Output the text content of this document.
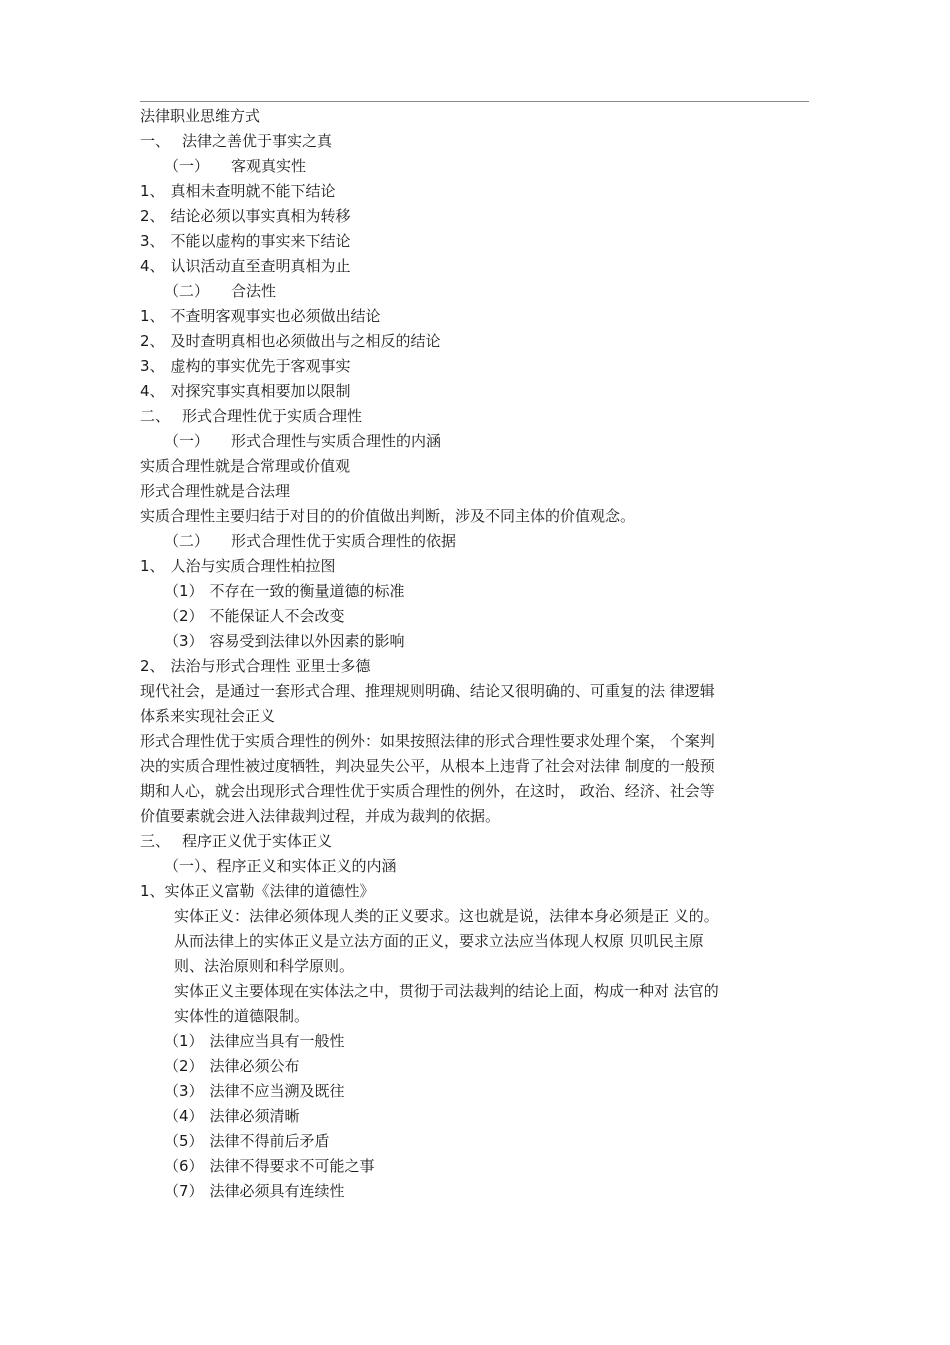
法律职业思维方式
一、 法律之善优于事实之真
（一） 客观真实性
1、 真相未查明就不能下结论
2、 结论必须以事实真相为转移
3、 不能以虚构的事实来下结论
4、 认识活动直至查明真相为止
（二） 合法性
1、 不查明客观事实也必须做出结论
2、 及时查明真相也必须做出与之相反的结论
3、 虚构的事实优先于客观事实
4、 对探究事实真相要加以限制
二、 形式合理性优于实质合理性
（一） 形式合理性与实质合理性的内涵
实质合理性就是合常理或价值观
形式合理性就是合法理
实质合理性主要归结于对目的的价值做出判断，涉及不同主体的价值观念。
（二） 形式合理性优于实质合理性的依据
1、 人治与实质合理性柏拉图
（1） 不存在一致的衡量道德的标准
（2） 不能保证人不会改变
（3） 容易受到法律以外因素的影响
2、 法治与形式合理性 亚里士多德
现代社会，是通过一套形式合理、推理规则明确、结论又很明确的、可重复的法 律逻辑
体系来实现社会正义
形式合理性优于实质合理性的例外：如果按照法律的形式合理性要求处理个案， 个案判
决的实质合理性被过度牺牲，判决显失公平，从根本上违背了社会对法律 制度的一般预
期和人心，就会出现形式合理性优于实质合理性的例外，在这时， 政治、经济、社会等
价值要素就会进入法律裁判过程，并成为裁判的依据。
三、 程序正义优于实体正义
（一）、程序正义和实体正义的内涵
1、实体正义富勒《法律的道德性》
实体正义：法律必须体现人类的正义要求。这也就是说，法律本身必须是正 义的。
从而法律上的实体正义是立法方面的正义，要求立法应当体现人权原 贝叽民主原
则、法治原则和科学原则。
实体正义主要体现在实体法之中，贯彻于司法裁判的结论上面，构成一种对 法官的
实体性的道德限制。
（1） 法律应当具有一般性
（2） 法律必须公布
（3） 法律不应当溯及既往
（4） 法律必须清晰
（5） 法律不得前后矛盾
（6） 法律不得要求不可能之事
（7） 法律必须具有连续性
